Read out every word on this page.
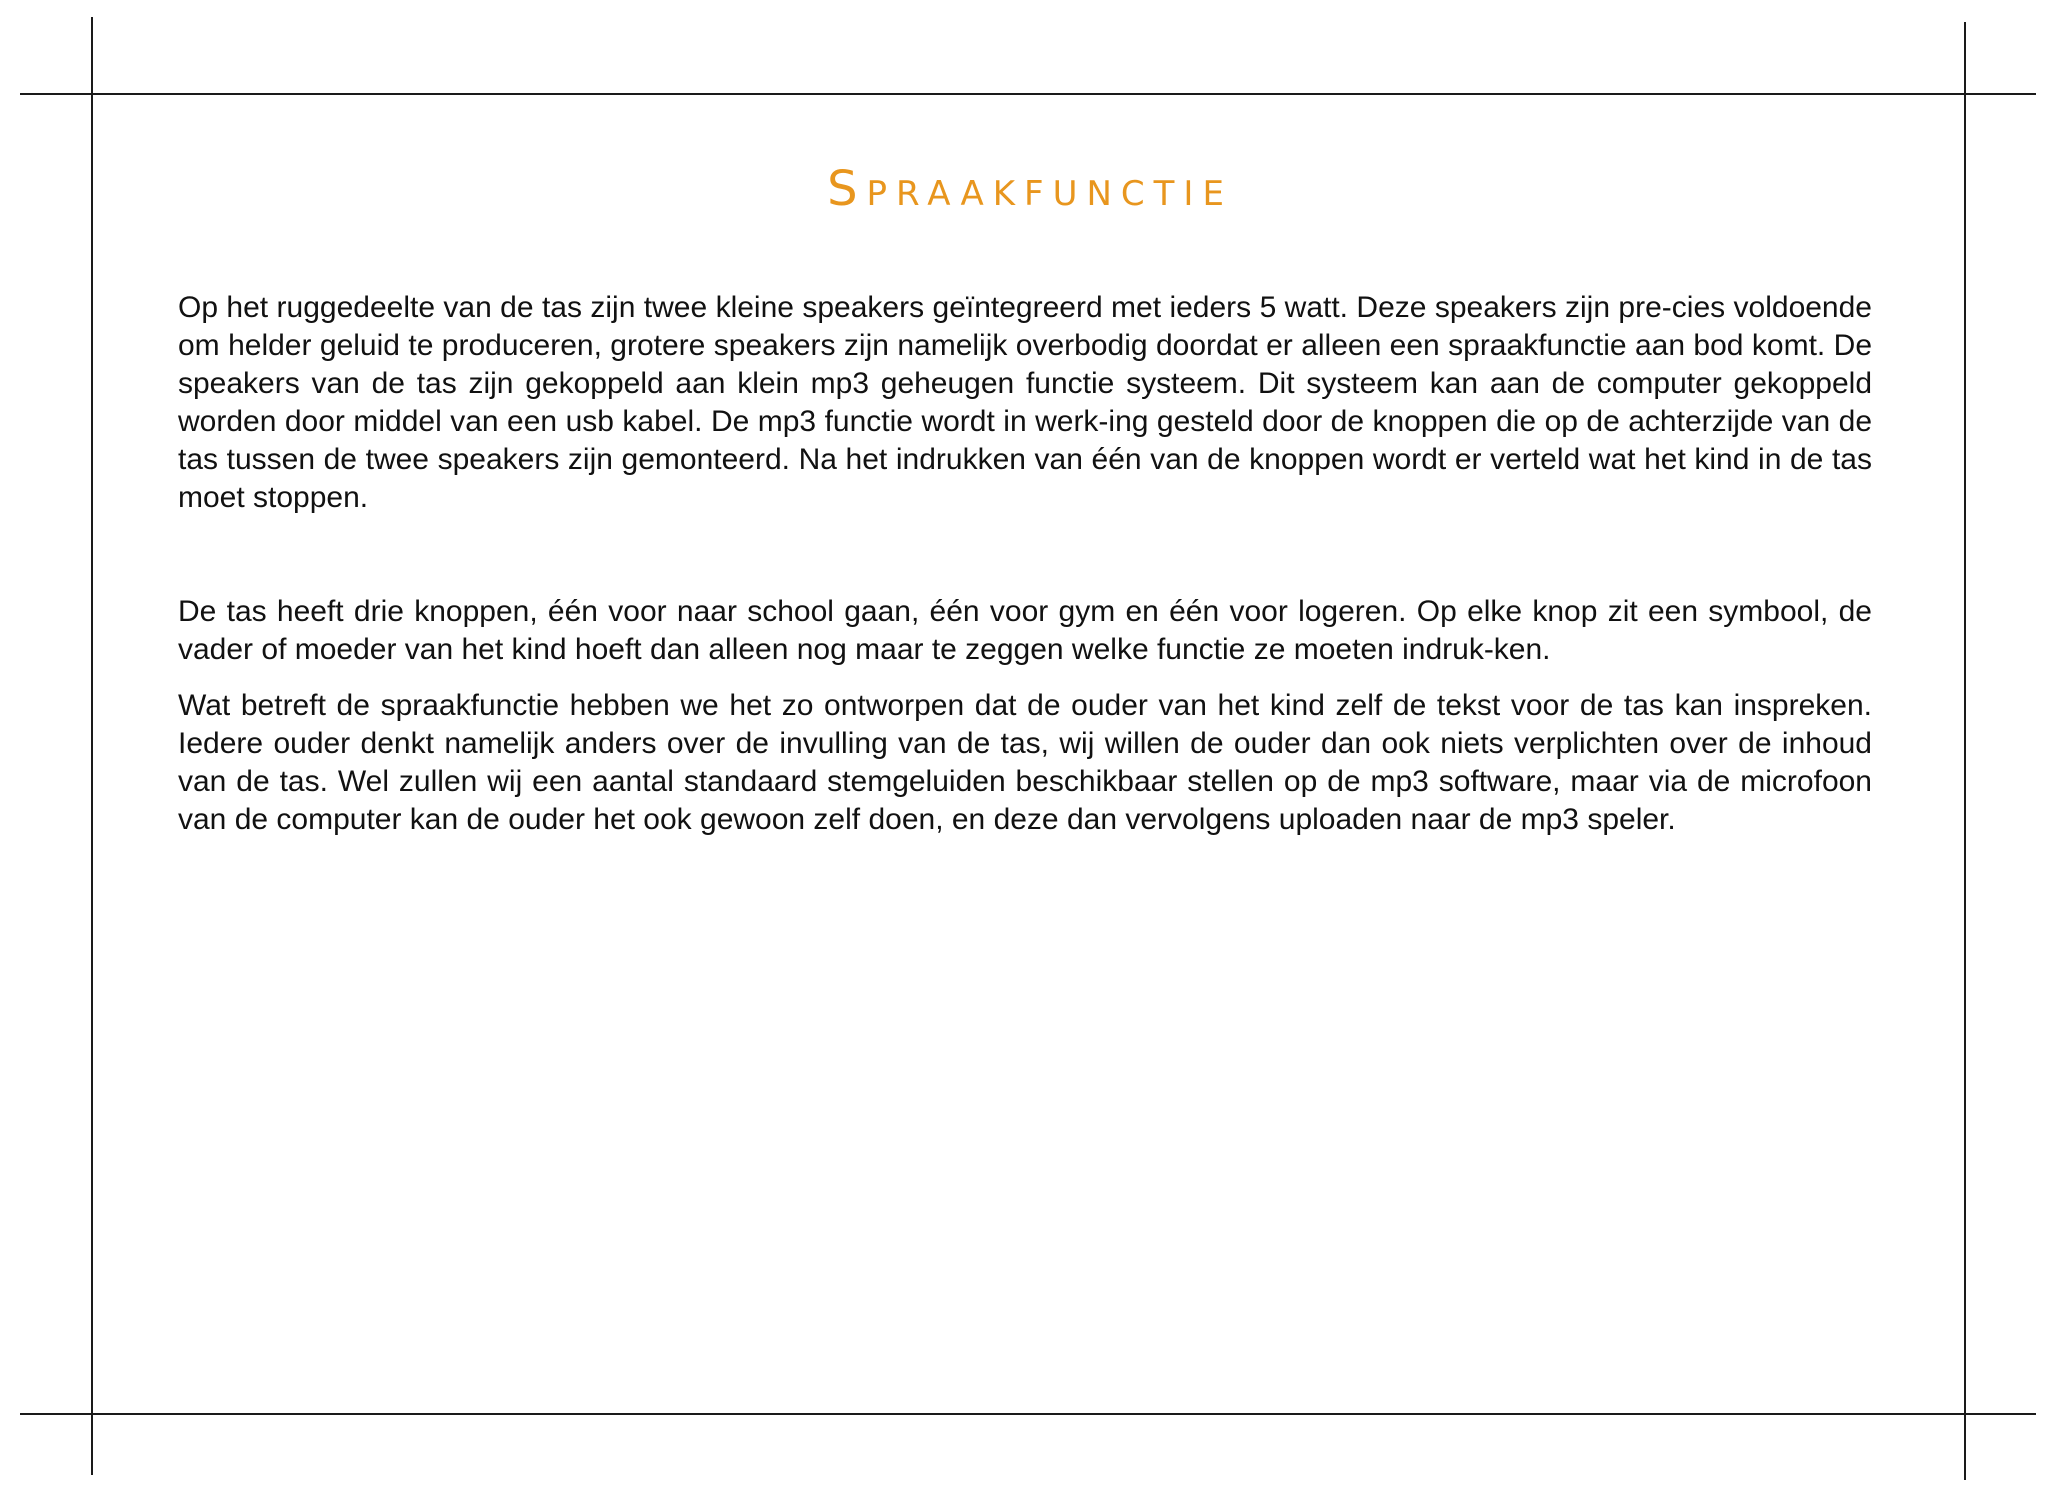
Spraakfunctie

Op het ruggedeelte van de tas zijn twee kleine speakers geïntegreerd met ieders 5 watt. Deze speakers zijn pre-cies voldoende om helder geluid te produceren, grotere speakers zijn namelijk overbodig doordat er alleen een spraakfunctie aan bod komt. De speakers van de tas zijn gekoppeld aan klein mp3 geheugen functie systeem. Dit systeem kan aan de computer gekoppeld worden door middel van een usb kabel. De mp3 functie wordt in werk-ing gesteld door de knoppen die op de achterzijde van de tas tussen de twee speakers zijn gemonteerd. Na het indrukken van één van de knoppen wordt er verteld wat het kind in de tas moet stoppen.

De tas heeft drie knoppen, één voor naar school gaan, één voor gym en één voor logeren. Op elke knop zit een symbool, de vader of moeder van het kind hoeft dan alleen nog maar te zeggen welke functie ze moeten indruk-ken.

Wat betreft de spraakfunctie hebben we het zo ontworpen dat de ouder van het kind zelf de tekst voor de tas kan inspreken. Iedere ouder denkt namelijk anders over de invulling van de tas, wij willen de ouder dan ook niets verplichten over de inhoud van de tas. Wel zullen wij een aantal standaard stemgeluiden beschikbaar stellen op de mp3 software, maar via de microfoon van de computer kan de ouder het ook gewoon zelf doen, en deze dan vervolgens uploaden naar de mp3 speler.
